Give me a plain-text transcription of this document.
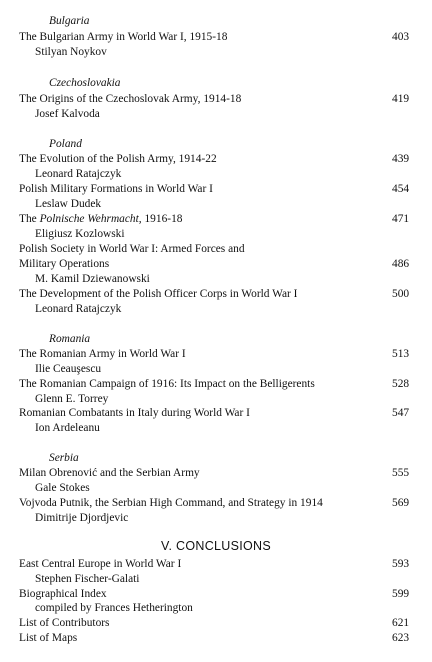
Bulgaria
The Bulgarian Army in World War I, 1915-18	403
Stilyan Noykov
Czechoslovakia
The Origins of the Czechoslovak Army, 1914-18	419
Josef Kalvoda
Poland
The Evolution of the Polish Army, 1914-22	439
Leonard Ratajczyk
Polish Military Formations in World War I	454
Leslaw Dudek
The Polnische Wehrmacht, 1916-18	471
Eligiusz Kozlowski
Polish Society in World War I: Armed Forces and
Military Operations	486
M. Kamil Dziewanowski
The Development of the Polish Officer Corps in World War I	500
Leonard Ratajczyk
Romania
The Romanian Army in World War I	513
Ilie Ceauşescu
The Romanian Campaign of 1916: Its Impact on the Belligerents	528
Glenn E. Torrey
Romanian Combatants in Italy during World War I	547
Ion Ardeleanu
Serbia
Milan Obrenović and the Serbian Army	555
Gale Stokes
Vojvoda Putnik, the Serbian High Command, and Strategy in 1914	569
Dimitrije Djordjevic
V. CONCLUSIONS
East Central Europe in World War I	593
Stephen Fischer-Galati
Biographical Index	599
compiled by Frances Hetherington
List of Contributors	621
List of Maps	623
